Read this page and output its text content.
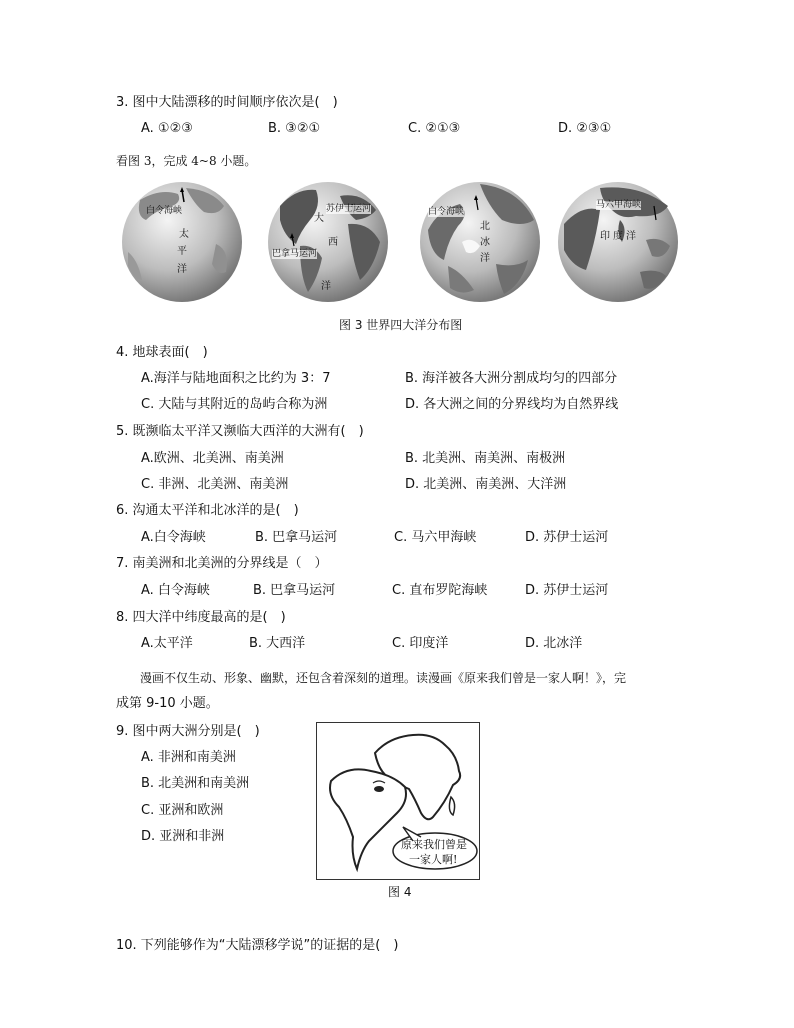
3. 图中大陆漂移的时间顺序依次是(　)
A. ①②③	B. ③②①	C. ②①③	D. ②③①
看图 3，完成 4~8 小题。
白令海峡
太
平
洋
苏伊士运河
巴拿马运河
大
西
洋
白令海峡
北
冰
洋
马六甲海峡
印 度 洋
图 3 世界四大洋分布图
4. 地球表面(　)
A.海洋与陆地面积之比约为 3：7	B. 海洋被各大洲分割成均匀的四部分
C. 大陆与其附近的岛屿合称为洲	D. 各大洲之间的分界线均为自然界线
5. 既濒临太平洋又濒临大西洋的大洲有(　)
A.欧洲、北美洲、南美洲	B. 北美洲、南美洲、南极洲
C. 非洲、北美洲、南美洲	D. 北美洲、南美洲、大洋洲
6. 沟通太平洋和北冰洋的是(　)
A.白令海峡	B. 巴拿马运河	C. 马六甲海峡	D. 苏伊士运河
7. 南美洲和北美洲的分界线是（　）
A. 白令海峡	B. 巴拿马运河	C. 直布罗陀海峡	D. 苏伊士运河
8. 四大洋中纬度最高的是(　)
A.太平洋	B. 大西洋	C. 印度洋	D. 北冰洋
漫画不仅生动、形象、幽默，还包含着深刻的道理。读漫画《原来我们曾是一家人啊！》，完
成第 9-10 小题。
9. 图中两大洲分别是(　)
A. 非洲和南美洲
B. 北美洲和南美洲
C. 亚洲和欧洲
D. 亚洲和非洲
原来我们曾是
一家人啊!
图 4
10. 下列能够作为“大陆漂移学说”的证据的是(　)
